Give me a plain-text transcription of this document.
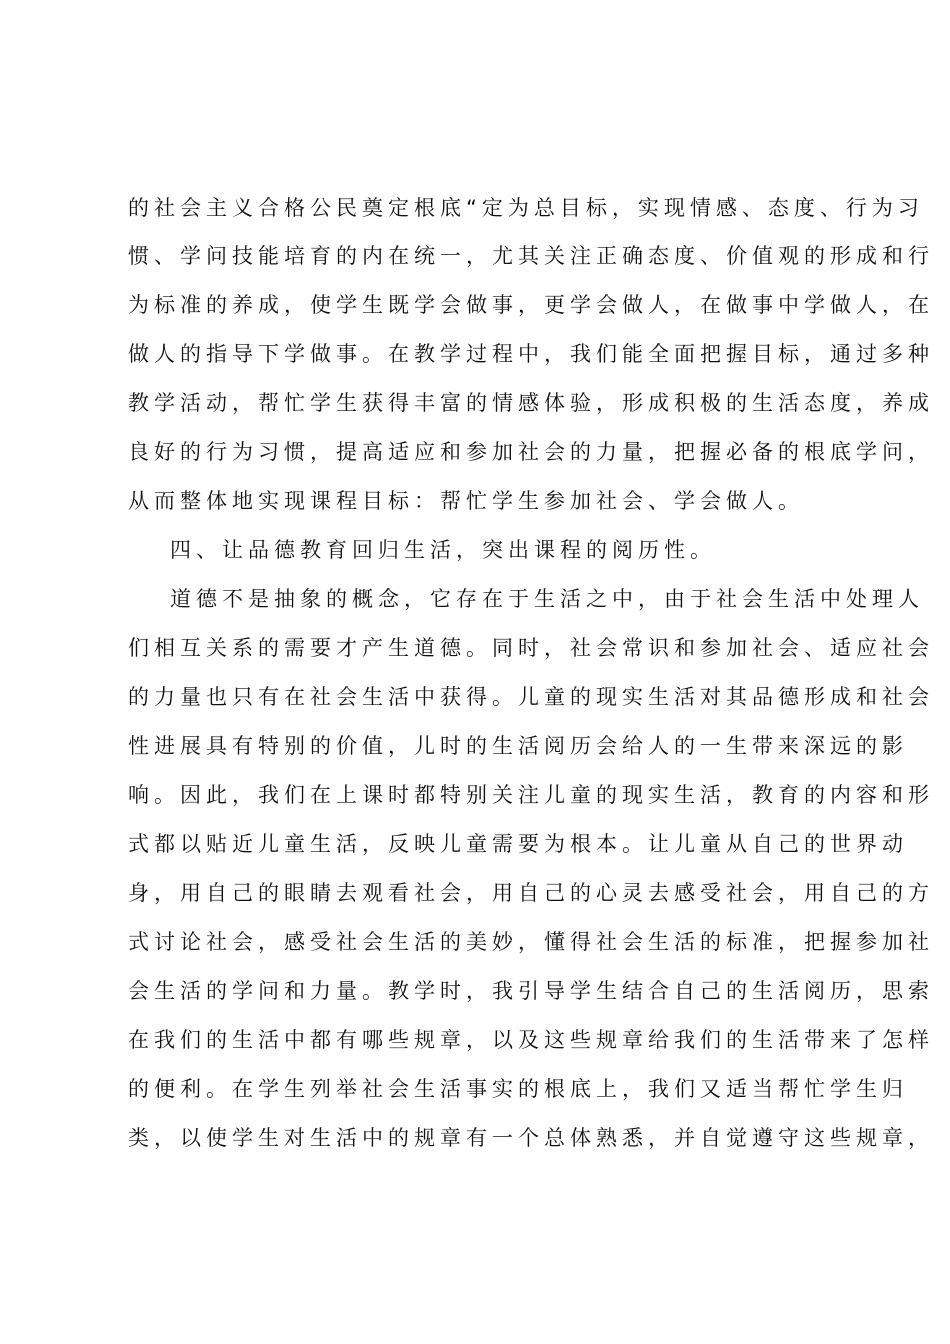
的社会主义合格公民奠定根底“定为总目标，实现情感、态度、行为习
惯、学问技能培育的内在统一，尤其关注正确态度、价值观的形成和行
为标准的养成，使学生既学会做事，更学会做人，在做事中学做人，在
做人的指导下学做事。在教学过程中，我们能全面把握目标，通过多种
教学活动，帮忙学生获得丰富的情感体验，形成积极的生活态度，养成
良好的行为习惯，提高适应和参加社会的力量，把握必备的根底学问，
从而整体地实现课程目标：帮忙学生参加社会、学会做人。
四、让品德教育回归生活，突出课程的阅历性。
道德不是抽象的概念，它存在于生活之中，由于社会生活中处理人
们相互关系的需要才产生道德。同时，社会常识和参加社会、适应社会
的力量也只有在社会生活中获得。儿童的现实生活对其品德形成和社会
性进展具有特别的价值，儿时的生活阅历会给人的一生带来深远的影
响。因此，我们在上课时都特别关注儿童的现实生活，教育的内容和形
式都以贴近儿童生活，反映儿童需要为根本。让儿童从自己的世界动
身，用自己的眼睛去观看社会，用自己的心灵去感受社会，用自己的方
式讨论社会，感受社会生活的美妙，懂得社会生活的标准，把握参加社
会生活的学问和力量。教学时，我引导学生结合自己的生活阅历，思索
在我们的生活中都有哪些规章，以及这些规章给我们的生活带来了怎样
的便利。在学生列举社会生活事实的根底上，我们又适当帮忙学生归
类，以使学生对生活中的规章有一个总体熟悉，并自觉遵守这些规章，
